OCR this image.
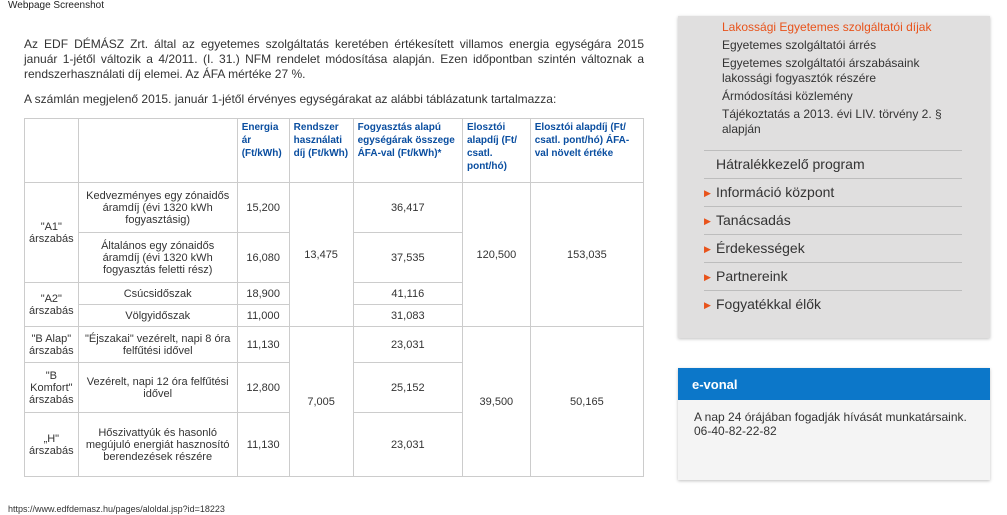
Webpage Screenshot
Az EDF DÉMÁSZ Zrt. által az egyetemes szolgáltatás keretében értékesített villamos energia egységára 2015 január 1-jétől változik a 4/2011. (I. 31.) NFM rendelet módosítása alapján. Ezen időpontban szintén változnak a rendszerhasználati díj elemei. Az ÁFA mértéke 27 %.
A számlán megjelenő 2015. január 1-jétől érvényes egységárakat az alábbi táblázatunk tartalmazza:
		Energia ár (Ft/kWh)	Rendszer használati díj (Ft/kWh)	Fogyasztás alapú egységárak összege ÁFA-val (Ft/kWh)*	Elosztói alapdíj (Ft/ csatl. pont/hó)	Elosztói alapdíj (Ft/ csatl. pont/hó) ÁFA-val növelt értéke
"A1" árszabás	Kedvezményes egy zónaidős áramdíj (évi 1320 kWh fogyasztásig)	15,200	13,475	36,417	120,500	153,035
	Általános egy zónaidős áramdíj (évi 1320 kWh fogyasztás feletti rész)	16,080		37,535		
"A2" árszabás	Csúcsidőszak	18,900		41,116		
	Völgyidőszak	11,000		31,083		
"B Alap" árszabás	"Éjszakai" vezérelt, napi 8 óra felfűtési idővel	11,130	7,005	23,031	39,500	50,165
"B Komfort" árszabás	Vezérelt, napi 12 óra felfűtési idővel	12,800		25,152		
„H" árszabás	Hőszivattyúk és hasonló megújuló energiát hasznosító berendezések részére	11,130		23,031		
https://www.edfdemasz.hu/pages/aloldal.jsp?id=18223
Lakossági Egyetemes szolgáltatói díjak
Egyetemes szolgáltatói árrés
Egyetemes szolgáltatói árszabásaink lakossági fogyasztók részére
Ármódosítási közlemény
Tájékoztatás a 2013. évi LIV. törvény 2. § alapján
Hátralékkezelő program
▶ Információ központ
▶ Tanácsadás
▶ Érdekességek
▶ Partnereink
▶ Fogyatékkal élők
e-vonal
A nap 24 órájában fogadják hívását munkatársaink.
06-40-82-22-82
